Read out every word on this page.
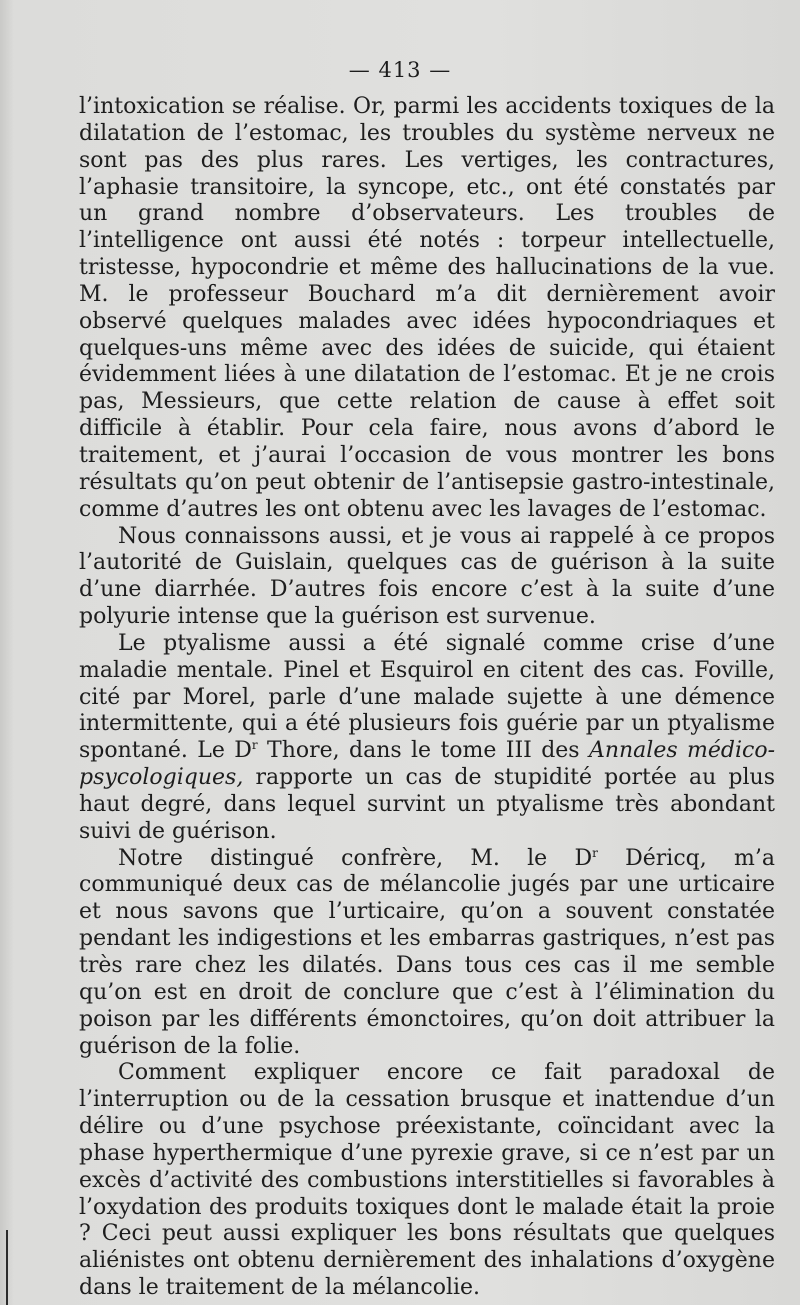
— 413 —

l’intoxication se réalise. Or, parmi les accidents toxiques de la dilatation de l’estomac, les troubles du système nerveux ne sont pas des plus rares. Les vertiges, les contractures, l’aphasie transitoire, la syncope, etc., ont été constatés par un grand nombre d’observateurs. Les troubles de l’intelligence ont aussi été notés : torpeur intellectuelle, tristesse, hypocondrie et même des hallucinations de la vue. M. le professeur Bouchard m’a dit dernièrement avoir observé quelques malades avec idées hypocondriaques et quelques-uns même avec des idées de suicide, qui étaient évidemment liées à une dilatation de l’estomac. Et je ne crois pas, Messieurs, que cette relation de cause à effet soit difficile à établir. Pour cela faire, nous avons d’abord le traitement, et j’aurai l’occasion de vous montrer les bons résultats qu’on peut obtenir de l’antisepsie gastro-intestinale, comme d’autres les ont obtenu avec les lavages de l’estomac.

Nous connaissons aussi, et je vous ai rappelé à ce propos l’autorité de Guislain, quelques cas de guérison à la suite d’une diarrhée. D’autres fois encore c’est à la suite d’une polyurie intense que la guérison est survenue.

Le ptyalisme aussi a été signalé comme crise d’une maladie mentale. Pinel et Esquirol en citent des cas. Foville, cité par Morel, parle d’une malade sujette à une démence intermittente, qui a été plusieurs fois guérie par un ptyalisme spontané. Le $D^r$ Thore, dans le tome III des Annales médico-psycologiques, rapporte un cas de stupidité portée au plus haut degré, dans lequel survint un ptyalisme très abondant suivi de guérison.

Notre distingué confrère, M. le $D^r$ Déricq, m’a communiqué deux cas de mélancolie jugés par une urticaire et nous savons que l’urticaire, qu’on a souvent constatée pendant les indigestions et les embarras gastriques, n’est pas très rare chez les dilatés. Dans tous ces cas il me semble qu’on est en droit de conclure que c’est à l’élimination du poison par les différents émonctoires, qu’on doit attribuer la guérison de la folie.

Comment expliquer encore ce fait paradoxal de l’interruption ou de la cessation brusque et inattendue d’un délire ou d’une psychose préexistante, coïncidant avec la phase hyperthermique d’une pyrexie grave, si ce n’est par un excès d’activité des combustions interstitielles si favorables à l’oxydation des produits toxiques dont le malade était la proie ? Ceci peut aussi expliquer les bons résultats que quelques aliénistes ont obtenu dernièrement des inhalations d’oxygène dans le traitement de la mélancolie.
